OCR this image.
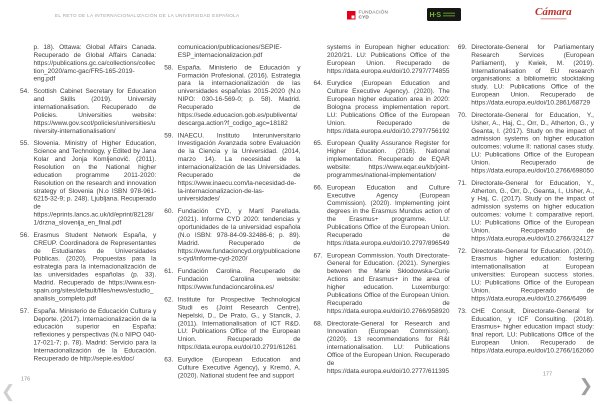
EL RETO DE LA INTERNACIONALIZACIÓN DE LA UNIVERSIDAD ESPAÑOLA
FUNDACIÓN
CYD	H·S	Cámara
p. 18). Ottawa: Global Affairs Canada. Recuperado de Global Affairs Canada: https://publications.gc.ca/collections/collection_2020/amc-gac/FR5-165-2019-eng.pdf
54. Scottish Cabinet Secretary for Education and Skills (2019). University internationalisation. Recuperado de Policies. Universities website: https://www.gov.scot/policies/universities/university-internationalisation/
55. Slovenia. Ministry of Higher Education, Science and Technology, y Edited by Jana Kolar and Jonja Komljenovič. (2011). Resolution on the National higher education programme 2011-2020: Resolution on the research and innovation strategy of Slovenia (N.o ISBN 978-961-6215-32-9; p. 248). Ljubljana. Recuperado de https://eprints.lancs.ac.uk/id/eprint/82128/1/drzna_slovenija_en_final.pdf
56. Erasmus Student Network España, y CREUP. Coordinadora de Representantes de Estudiantes de Universidades Públicas. (2020). Propuestas para la estrategia para la internacionalización de las universidades españolas (p. 33). Madrid. Recuperado de https://www.esn-spain.org/sites/default/files/news/estudio_analisis_completo.pdf
57. España. Ministerio de Educación Cultura y Deporte. (2017). Internacionalización de la educación superior en España: reflexiones y perspectivas (N.o NIPO 040-17-021-7; p. 78). Madrid: Servicio para la Internacionalización de la Educación. Recuperado de http://sepie.es/doc/
comunicacion/publicaciones/SEPIE-ESP_internacionalizacion.pdf
58. España. Ministerio de Educación y Formación Profesional. (2016). Estrategia para la internacionalización de las universidades españolas 2015-2020 (N.o NIPO: 030-16-569-0; p. 58). Madrid. Recuperado de https://sede.educacion.gob.es/publiventa/descarga.action?f_codigo_agc=18182
59. INAECU. Instituto Interuniversitario Investigación Avanzada sobre Evaluación de la Ciencia y la Universidad. (2014, marzo 14). La necesidad de la internacionalización de las Universidades. Recuperado de https://www.inaecu.com/la-necesidad-de-la-internacionalizacion-de-las-universidades/
60. Fundación CYD, y Martí Parellada. (2021). Informe CYD 2020: tendencias y oportunidades de la universidad española (N.o ISBN: 978-84-09-32486-6; p. 89). Madrid. Recuperado de https://www.fundacioncyd.org/publicaciones-cyd/informe-cyd-2020/
61. Fundación Carolina. Recuperado de Fundación Carolina website: https://www.fundacioncarolina.es/
62. Institute for Prospective Technological Studi es (Joint Research Centre), Nepelski, D., De Prato, G., y Stancik, J. (2011). Internationalisation of ICT R&D. LU: Publications Office of the European Union. Recuperado de https://data.europa.eu/doi/10.2791/61261
63. Eurydice (European Education and Culture Executive Agency), y Kremó, A. (2020). National student fee and support
systems in European higher education: 2020/21. LU: Publications Office of the European Union. Recuperado de https://data.europa.eu/doi/10.2797/774855
64. Eurydice (European Education and Culture Executive Agency). (2020). The European higher education area in 2020: Bologna process implementation report. LU: Publications Office of the European Union. Recuperado de https://data.europa.eu/doi/10.2797/756192
65. European Quality Assurance Register for Higher Education. (2016). National implementation. Recuperado de EQAR website: https://www.eqar.eu/kb/joint-programmes/national-implementation/
66. European Education and Culture Executive Agency (European Commission). (2020). Implementing joint degrees in the Erasmus Mundus action of the Erasmus+ programme. LU: Publications Office of the European Union. Recuperado de https://data.europa.eu/doi/10.2797/896549
67. European Commission. Youth Directorate-General for Education. (2021). Synergies between the Marie Skłodowska-Curie Actions and Erasmus+ in the area of higher education. Luxemburgo: Publications Office of the European Union. Recuperado de https://data.europa.eu/doi/10.2766/958920
68. Directorate-General for Research and Innovation (European Commission). (2020). 13 recommendations for R&I internationalisation. LU: Publications Office of the European Union. Recuperado de https://data.europa.eu/doi/10.2777/611395
69. Directorate-General for Parliamentary Research Services (European Parliament), y Kwiek, M. (2019). Internationalisation of EU research organisations: a bibliometric stocktaking study. LU: Publications Office of the European Union. Recuperado de https://data.europa.eu/doi/10.2861/68729
70. Directorate-General for Education, Y., Usher, A., Haj, C., Orr, D., Atherton, G., y Geanta, I. (2017). Study on the impact of admission systems on higher education outcomes: volume II: national cases study. LU: Publications Office of the European Union. Recuperado de https://data.europa.eu/doi/10.2766/698050
71. Directorate-General for Education, Y., Atherton, G., Orr, D., Geanta, I., Usher, A., y Haj, C. (2017). Study on the impact of admission systems on higher education outcomes: volume I: comparative report. LU: Publications Office of the European Union. Recuperado de https://data.europa.eu/doi/10.2766/324127
72. Directorate-General for Education. (2010). Erasmus higher education: fostering internationalisation at European universities: European success stories. LU: Publications Office of the European Union. Recuperado de https://data.europa.eu/doi/10.2766/6499
73. CHE Consult, Directorate-General for Education, y ICF Consulting. (2018). Erasmus+ higher education impact study: final report. LU: Publications Office of the European Union. Recuperado de https://data.europa.eu/doi/10.2766/162060
176
177
❮	❯
